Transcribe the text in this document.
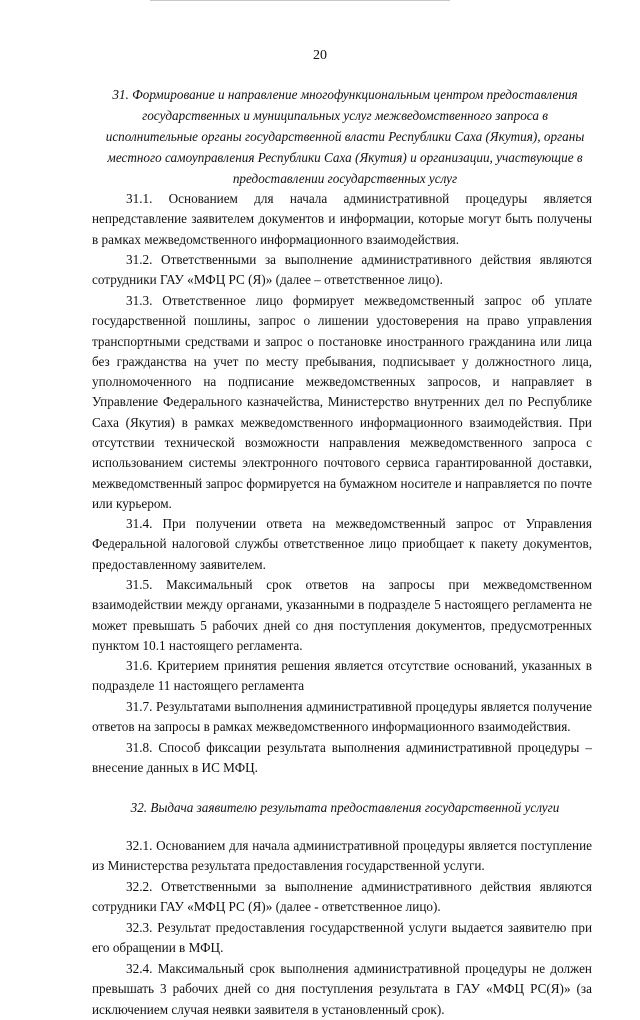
20
31. Формирование и направление многофункциональным центром предоставления государственных и муниципальных услуг межведомственного запроса в исполнительные органы государственной власти Республики Саха (Якутия), органы местного самоуправления Республики Саха (Якутия) и организации, участвующие в предоставлении государственных услуг

31.1. Основанием для начала административной процедуры является непредставление заявителем документов и информации, которые могут быть получены в рамках межведомственного информационного взаимодействия.

31.2. Ответственными за выполнение административного действия являются сотрудники ГАУ «МФЦ РС (Я)» (далее – ответственное лицо).

31.3. Ответственное лицо формирует межведомственный запрос об уплате государственной пошлины, запрос о лишении удостоверения на право управления транспортными средствами и запрос о постановке иностранного гражданина или лица без гражданства на учет по месту пребывания, подписывает у должностного лица, уполномоченного на подписание межведомственных запросов, и направляет в Управление Федерального казначейства, Министерство внутренних дел по Республике Саха (Якутия) в рамках межведомственного информационного взаимодействия. При отсутствии технической возможности направления межведомственного запроса с использованием системы электронного почтового сервиса гарантированной доставки, межведомственный запрос формируется на бумажном носителе и направляется по почте или курьером.

31.4. При получении ответа на межведомственный запрос от Управления Федеральной налоговой службы ответственное лицо приобщает к пакету документов, предоставленному заявителем.

31.5. Максимальный срок ответов на запросы при межведомственном взаимодействии между органами, указанными в подразделе 5 настоящего регламента не может превышать 5 рабочих дней со дня поступления документов, предусмотренных пунктом 10.1 настоящего регламента.

31.6. Критерием принятия решения является отсутствие оснований, указанных в подразделе 11 настоящего регламента

31.7. Результатами выполнения административной процедуры является получение ответов на запросы в рамках межведомственного информационного взаимодействия.

31.8. Способ фиксации результата выполнения административной процедуры – внесение данных в ИС МФЦ.

32. Выдача заявителю результата предоставления государственной услуги

32.1. Основанием для начала административной процедуры является поступление из Министерства результата предоставления государственной услуги.

32.2. Ответственными за выполнение административного действия являются сотрудники ГАУ «МФЦ РС (Я)» (далее - ответственное лицо).

32.3. Результат предоставления государственной услуги выдается заявителю при его обращении в МФЦ.

32.4. Максимальный срок выполнения административной процедуры не должен превышать 3 рабочих дней со дня поступления результата в ГАУ «МФЦ РС(Я)» (за исключением случая неявки заявителя в установленный срок).
